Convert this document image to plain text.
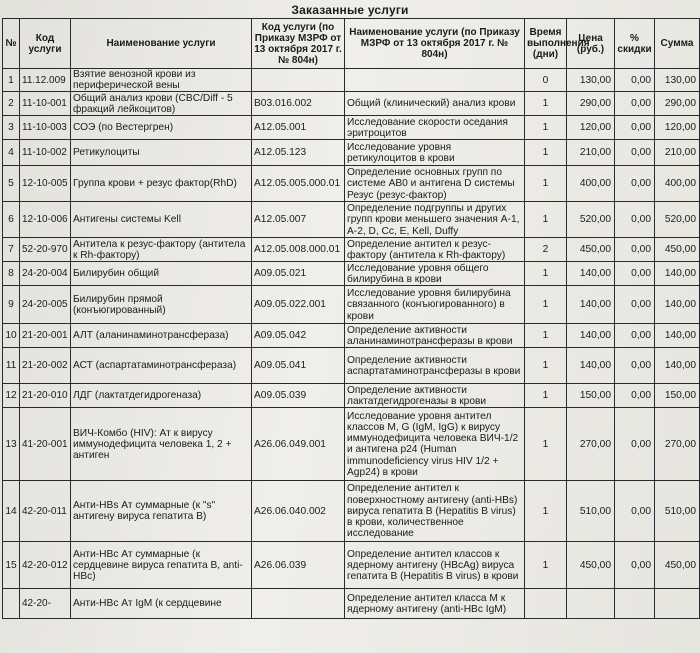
Заказанные услуги
№	Код услуги	Наименование услуги	Код услуги (по Приказу МЗРФ от 13 октября 2017 г. № 804н)	Наименование услуги (по Приказу МЗРФ от 13 октября 2017 г. № 804н)	Время выполнения (дни)	Цена (руб.)	% скидки	Сумма
1	11.12.009	Взятие венозной крови из периферической вены			0	130,00	0,00	130,00
2	11-10-001	Общий анализ крови (CBC/Diff - 5 фракций лейкоцитов)	B03.016.002	Общий (клинический) анализ крови	1	290,00	0,00	290,00
3	11-10-003	СОЭ (по Вестергрен)	A12.05.001	Исследование скорости оседания эритроцитов	1	120,00	0,00	120,00
4	11-10-002	Ретикулоциты	A12.05.123	Исследование уровня ретикулоцитов в крови	1	210,00	0,00	210,00
5	12-10-005	Группа крови + резус фактор(RhD)	A12.05.005.000.01	Определение основных групп по системе AB0 и антигена D системы Резус (резус-фактор)	1	400,00	0,00	400,00
6	12-10-006	Антигены системы Kell	A12.05.007	Определение подгруппы и других групп крови меньшего значения A-1, A-2, D, Cc, E, Kell, Duffy	1	520,00	0,00	520,00
7	52-20-970	Антитела к резус-фактору (антитела к Rh-фактору)	A12.05.008.000.01	Определение антител к резус-фактору (антитела к Rh-фактору)	2	450,00	0,00	450,00
8	24-20-004	Билирубин общий	A09.05.021	Исследование уровня общего билирубина в крови	1	140,00	0,00	140,00
9	24-20-005	Билирубин прямой (конъюгированный)	A09.05.022.001	Исследование уровня билирубина связанного (конъюгированного) в крови	1	140,00	0,00	140,00
10	21-20-001	АЛТ (аланинаминотрансфераза)	A09.05.042	Определение активности аланинаминотрансферазы в крови	1	140,00	0,00	140,00
11	21-20-002	АСТ (аспартатаминотрансфераза)	A09.05.041	Определение активности аспартатаминотрансферазы в крови	1	140,00	0,00	140,00
12	21-20-010	ЛДГ (лактатдегидрогеназа)	A09.05.039	Определение активности лактатдегидрогеназы в крови	1	150,00	0,00	150,00
13	41-20-001	ВИЧ-Комбо (HIV): Ат к вирусу иммунодефицита человека 1, 2 + антиген	A26.06.049.001	Исследование уровня антител классов M, G (IgM, IgG) к вирусу иммунодефицита человека ВИЧ-1/2 и антигена p24 (Human immunodeficiency virus HIV 1/2 + Agp24) в крови	1	270,00	0,00	270,00
14	42-20-011	Анти-HBs Ат суммарные (к "s" антигену вируса гепатита B)	A26.06.040.002	Определение антител к поверхностному антигену (anti-HBs) вируса гепатита B (Hepatitis B virus) в крови, количественное исследование	1	510,00	0,00	510,00
15	42-20-012	Анти-HBc Ат суммарные (к сердцевине вируса гепатита B, anti-HBc)	A26.06.039	Определение антител классов к ядерному антигену (HBcAg) вируса гепатита B (Hepatitis B virus) в крови	1	450,00	0,00	450,00
	42-20-	Анти-HBc Ат IgM (к сердцевине		Определение антител класса M к ядерному антигену (anti-HBc IgM)				
